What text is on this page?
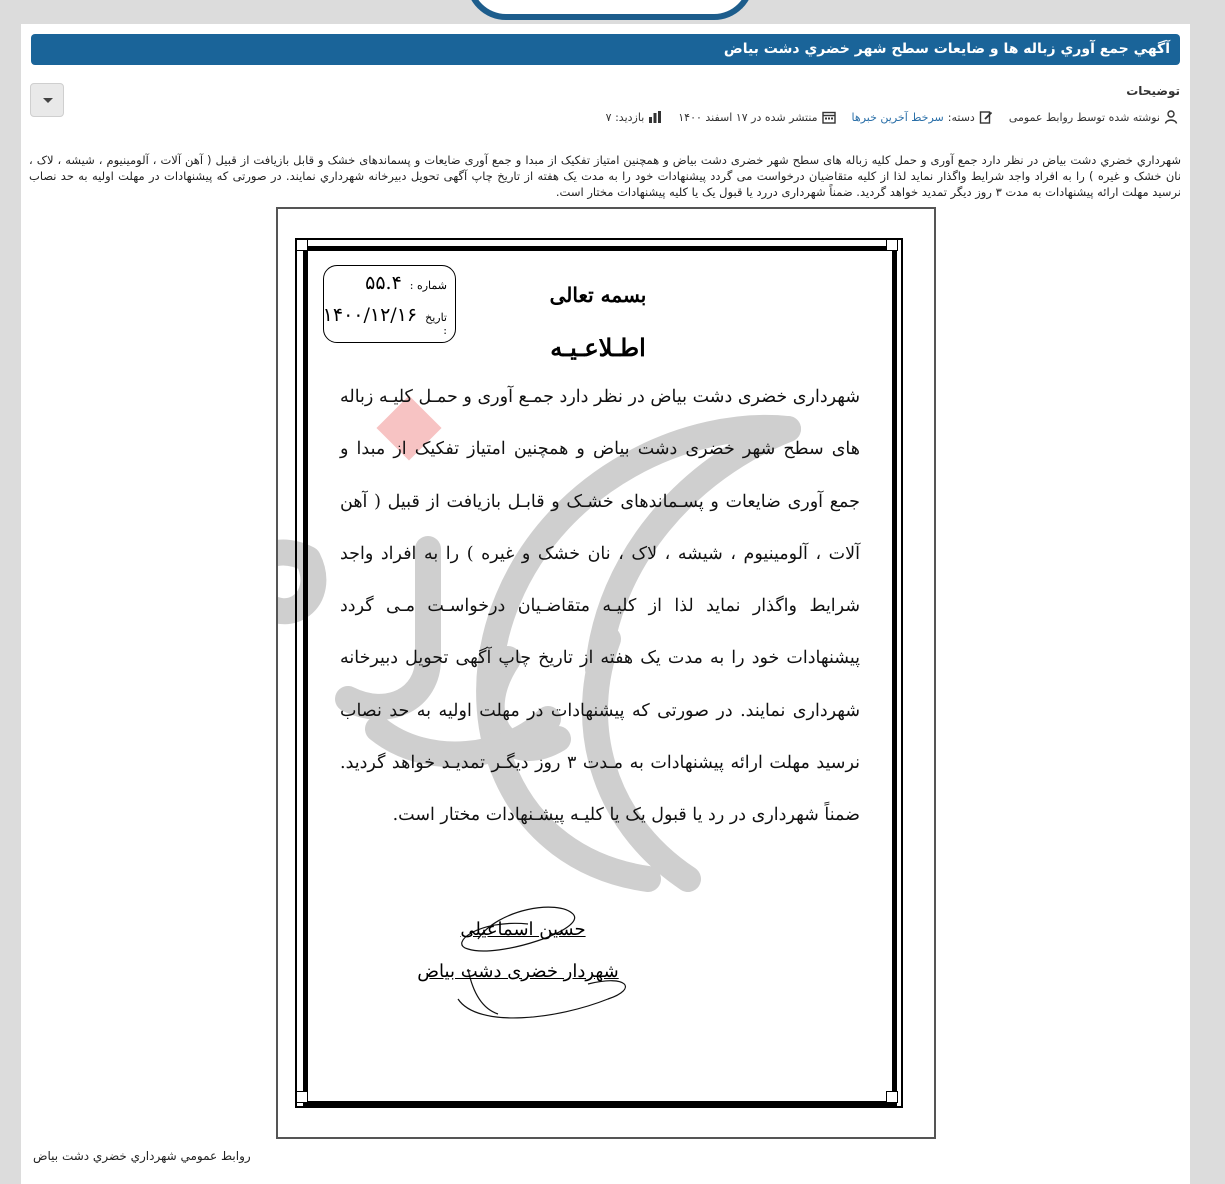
آگهي جمع آوري زباله ها و ضايعات سطح شهر خضري دشت بياض
توضیحات
نوشته شده توسط روابط عمومی
دسته:
سرخط آخرین خبرها
منتشر شده در ۱۷ اسفند ۱۴۰۰
بازدید: ۷
شهرداري خضري دشت بياض در نظر دارد جمع آوری و حمل کلیه زباله های سطح شهر خضری دشت بیاض و همچنین امتیاز تفکیک از مبدا و جمع آوری ضایعات و پسماندهای خشک و قابل بازیافت از قبیل ( آهن آلات ، آلومینیوم ، شیشه ، لاک ، نان خشک و غیره ) را به افراد واجد شرایط واگذار نماید لذا از کلیه متقاضیان درخواست می گردد پیشنهادات خود را به مدت یک هفته از تاریخ چاپ آگهی تحویل دبیرخانه شهرداري نمایند. در صورتی که پیشنهادات در مهلت اولیه به حد نصاب نرسید مهلت ارائه پیشنهادات به مدت ۳ روز دیگر تمدید خواهد گردید. ضمناً شهرداری دررد یا قبول یک یا کلیه پیشنهادات مختار است.
شماره :
۵۵.۴
تاریخ :
۱۴۰۰/۱۲/۱۶
بسمه تعالی
اطـلاعـیـه
شهرداری خضری دشت بیاض در نظر دارد جمـع آوری و حمـل کلیـه زباله های سطح شهر خضری دشت بیاض و همچنین امتیاز تفکیک از مبدا و جمع آوری ضایعات و پسـماندهای خشـک و قابـل بازیافت از قبیل ( آهن آلات ، آلومینیوم ، شیشه ، لاک ، نان خشک و غیره ) را به افراد واجد شرایط واگذار نماید لذا از کلیـه متقاضـیان درخواسـت مـی گردد پیشنهادات خود را به مدت یک هفته از تاریخ چاپ آگهی تحویل دبیرخانه شهرداری نمایند. در صورتی که پیشنهادات در مهلت اولیه به حد نصاب نرسید مهلت ارائه پیشنهادات به مـدت ۳ روز دیگـر تمدیـد خواهد گردید. ضمناً شهرداری در رد یا قبول یک یا کلیـه پیشـنهادات مختار است.
حسین اسماعیلی
شهردار خضری دشت بیاض
روابط عمومي شهرداري خضري دشت بياض
